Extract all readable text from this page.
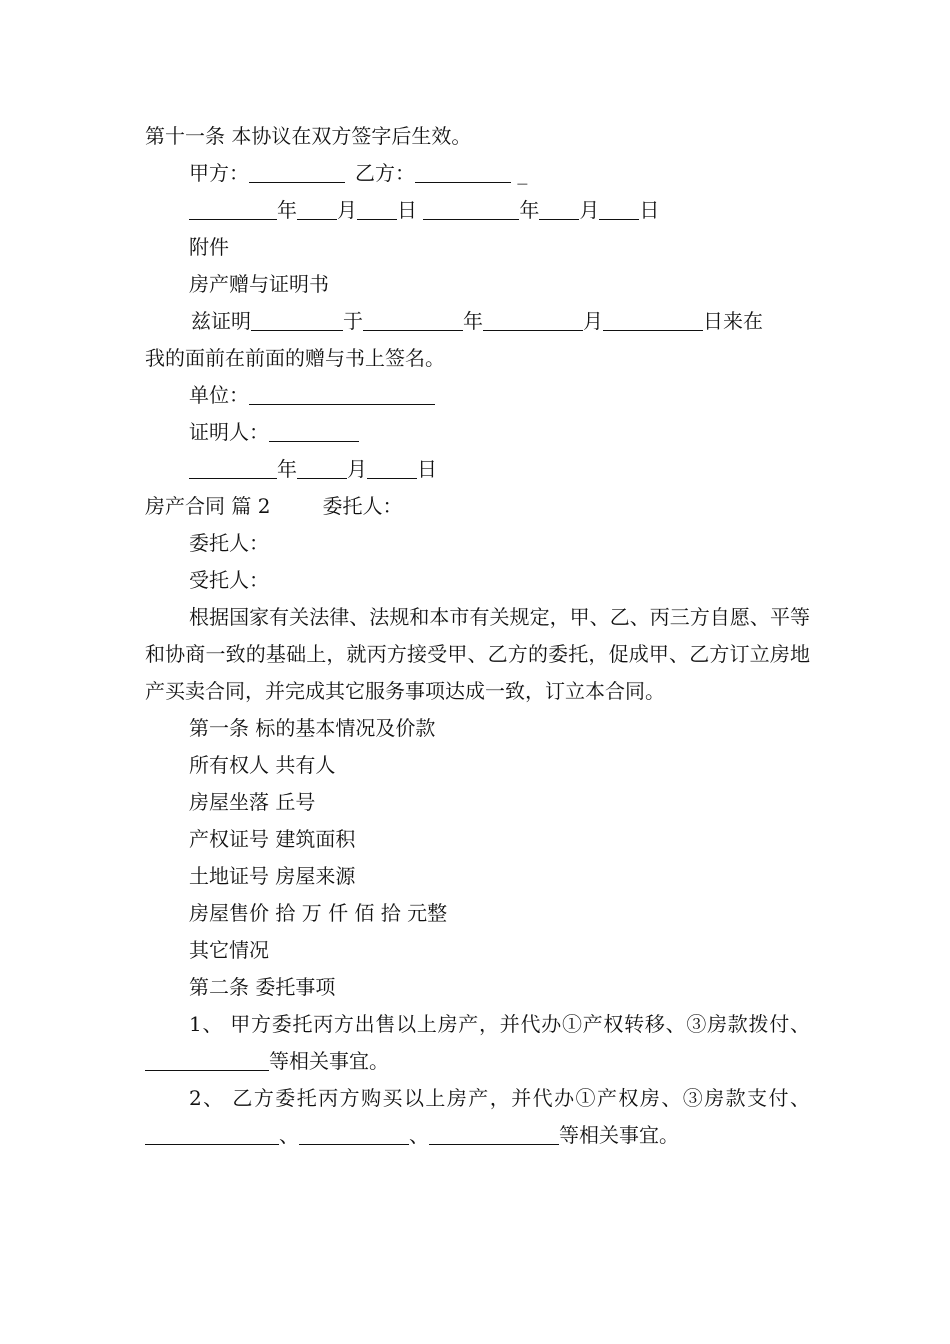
第十一条 本协议在双方签字后生效。
甲方：	乙方：	_
年 月 日	年 月 日
附件
房产赠与证明书
兹证明	于	年	月	日来在
我的面前在前面的赠与书上签名。
单位：
证明人：
年	月	日
房产合同 篇 2	委托人：
委托人：
受托人：
根据国家有关法律、法规和本市有关规定，甲、乙、丙三方自愿、平等和协商一致的基础上，就丙方接受甲、乙方的委托，促成甲、乙方订立房地产买卖合同，并完成其它服务事项达成一致，订立本合同。
第一条 标的基本情况及价款
所有权人 共有人
房屋坐落 丘号
产权证号 建筑面积
土地证号 房屋来源
房屋售价 拾 万 仟 佰 拾 元整
其它情况
第二条 委托事项
1、 甲方委托丙方出售以上房产，并代办①产权转移、③房款拨付、等相关事宜。
2、 乙方委托丙方购买以上房产，并代办①产权房、③房款支付、、	、	等相关事宜。
